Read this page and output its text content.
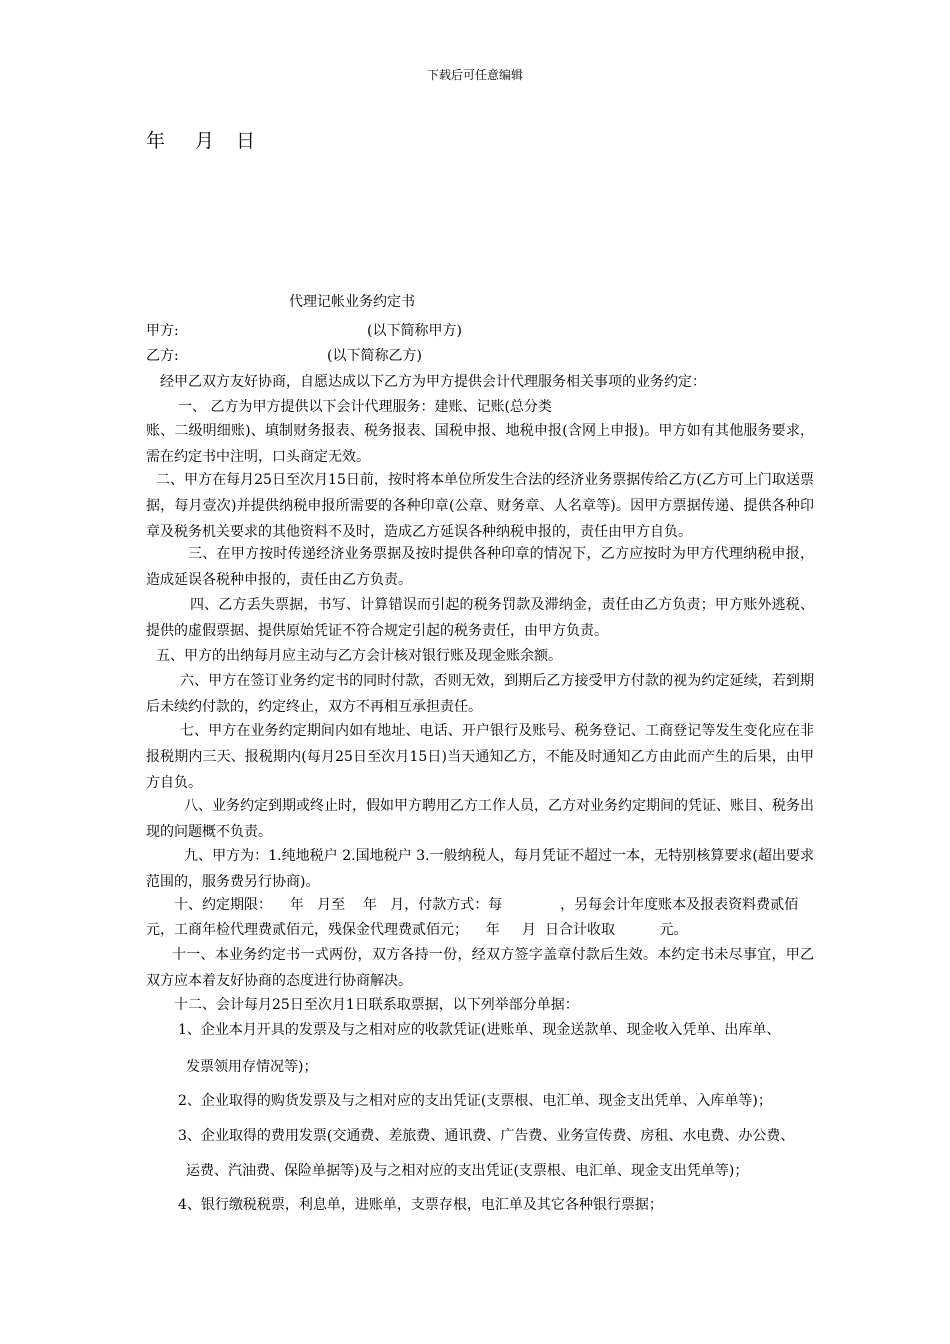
下载后可任意编辑
年 月 日
代理记帐业务约定书
甲方:	(以下简称甲方)
乙方:	(以下简称乙方)
经甲乙双方友好协商，自愿达成以下乙方为甲方提供会计代理服务相关事项的业务约定：
一、 乙方为甲方提供以下会计代理服务：建账、记账(总分类
账、二级明细账)、填制财务报表、税务报表、国税申报、地税申报(含网上申报)。甲方如有其他服务要求，需在约定书中注明，口头商定无效。
二、甲方在每月25日至次月15日前，按时将本单位所发生合法的经济业务票据传给乙方(乙方可上门取送票据，每月壹次)并提供纳税申报所需要的各种印章(公章、财务章、人名章等)。因甲方票据传递、提供各种印章及税务机关要求的其他资料不及时，造成乙方延误各种纳税申报的，责任由甲方自负。
三、在甲方按时传递经济业务票据及按时提供各种印章的情况下，乙方应按时为甲方代理纳税申报，造成延误各税种申报的，责任由乙方负责。
四、乙方丢失票据，书写、计算错误而引起的税务罚款及滞纳金，责任由乙方负责；甲方账外逃税、提供的虚假票据、提供原始凭证不符合规定引起的税务责任，由甲方负责。
五、甲方的出纳每月应主动与乙方会计核对银行账及现金账余额。
六、甲方在签订业务约定书的同时付款，否则无效，到期后乙方接受甲方付款的视为约定延续，若到期后未续约付款的，约定终止，双方不再相互承担责任。
七、甲方在业务约定期间内如有地址、电话、开户银行及账号、税务登记、工商登记等发生变化应在非报税期内三天、报税期内(每月25日至次月15日)当天通知乙方，不能及时通知乙方由此而产生的后果，由甲方自负。
八、业务约定到期或终止时，假如甲方聘用乙方工作人员，乙方对业务约定期间的凭证、账目、税务出现的问题概不负责。
九、甲方为：1.纯地税户 2.国地税户 3.一般纳税人，每月凭证不超过一本，无特别核算要求(超出要求范围的，服务费另行协商)。
十、约定期限：    年   月至    年   月，付款方式：每             ，另每会计年度账本及报表资料费贰佰
元，工商年检代理费贰佰元，残保金代理费贰佰元；    年     月  日合计收取          元。
十一、本业务约定书一式两份，双方各持一份，经双方签字盖章付款后生效。本约定书未尽事宜，甲乙双方应本着友好协商的态度进行协商解决。
十二、会计每月25日至次月1日联系取票据，以下列举部分单据：
1、企业本月开具的发票及与之相对应的收款凭证(进账单、现金送款单、现金收入凭单、出库单、
发票领用存情况等)；
2、企业取得的购货发票及与之相对应的支出凭证(支票根、电汇单、现金支出凭单、入库单等)；
3、企业取得的费用发票(交通费、差旅费、通讯费、广告费、业务宣传费、房租、水电费、办公费、
运费、汽油费、保险单据等)及与之相对应的支出凭证(支票根、电汇单、现金支出凭单等)；
4、银行缴税税票，利息单，进账单，支票存根，电汇单及其它各种银行票据；
